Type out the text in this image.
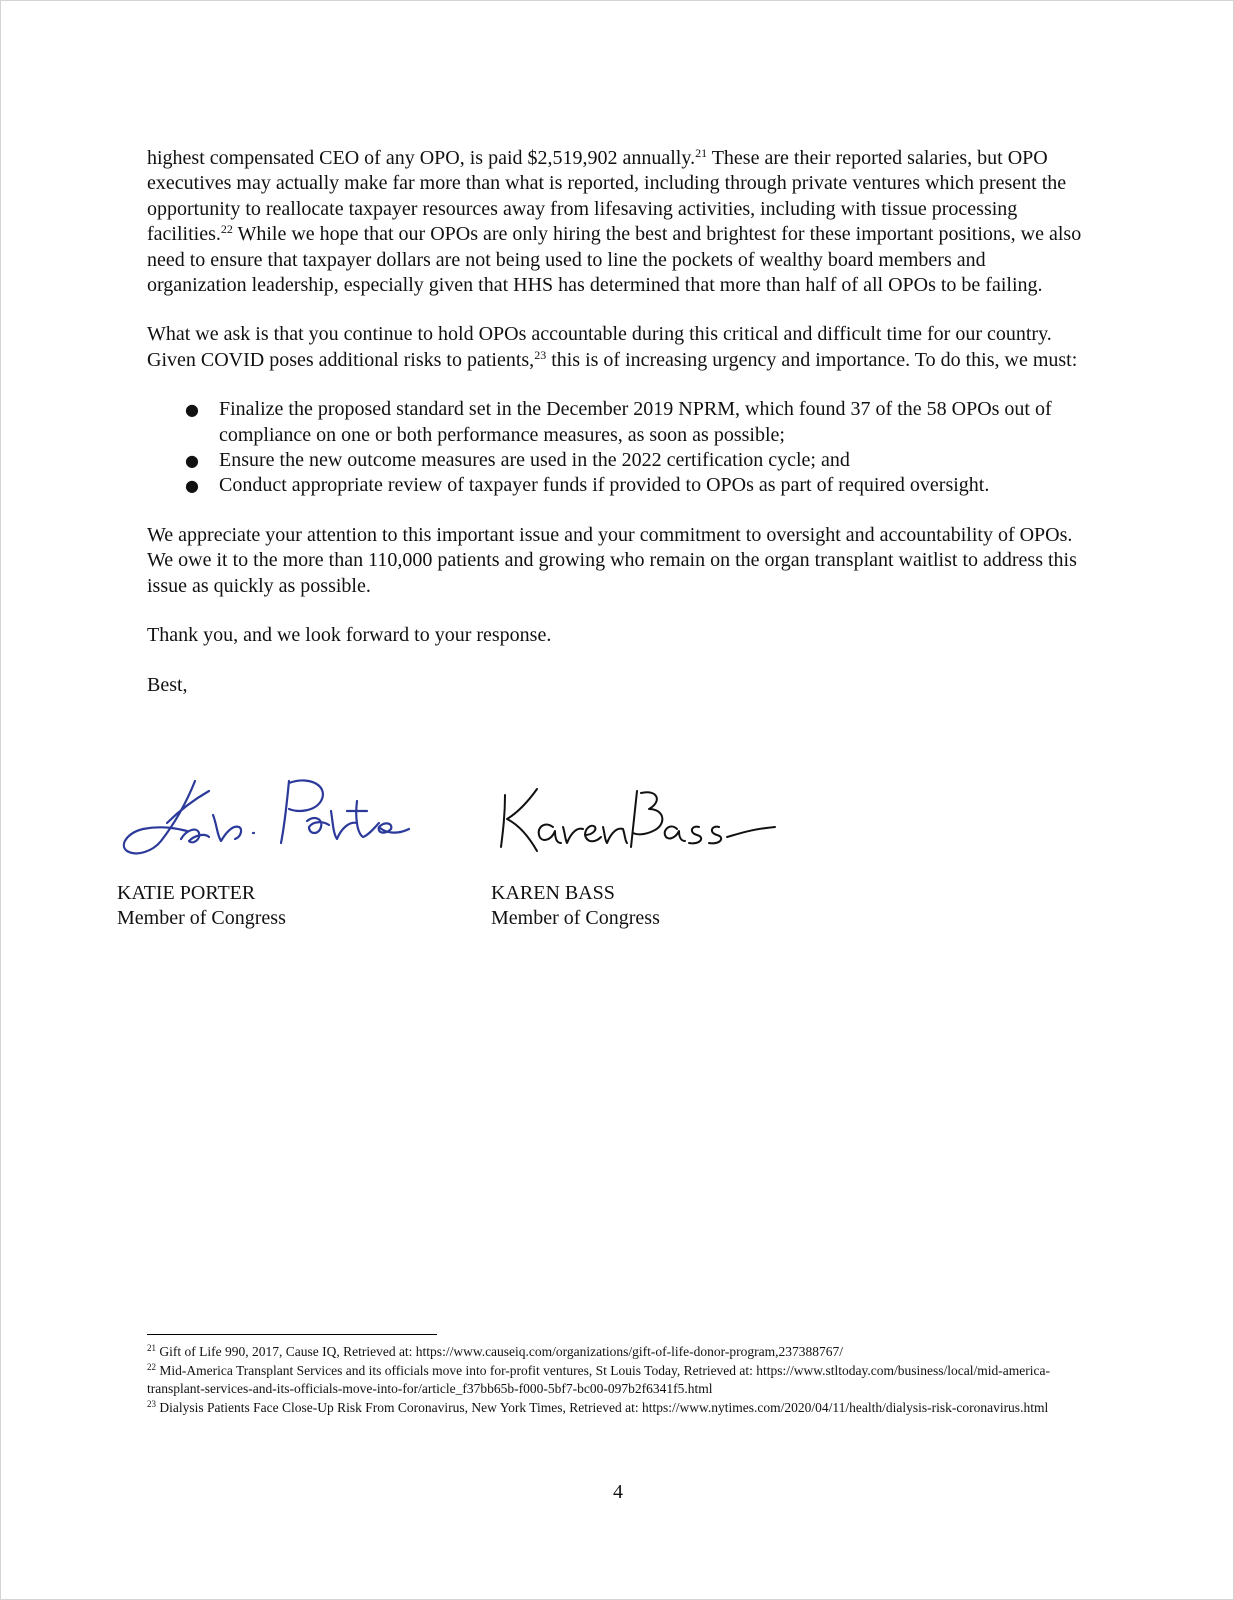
highest compensated CEO of any OPO, is paid $2,519,902 annually.$^{21}$ These are their reported salaries, but OPO executives may actually make far more than what is reported, including through private ventures which present the opportunity to reallocate taxpayer resources away from lifesaving activities, including with tissue processing facilities.$^{22}$ While we hope that our OPOs are only hiring the best and brightest for these important positions, we also need to ensure that taxpayer dollars are not being used to line the pockets of wealthy board members and organization leadership, especially given that HHS has determined that more than half of all OPOs to be failing.

What we ask is that you continue to hold OPOs accountable during this critical and difficult time for our country. Given COVID poses additional risks to patients,$^{23}$ this is of increasing urgency and importance. To do this, we must:

● Finalize the proposed standard set in the December 2019 NPRM, which found 37 of the 58 OPOs out of compliance on one or both performance measures, as soon as possible;
● Ensure the new outcome measures are used in the 2022 certification cycle; and
● Conduct appropriate review of taxpayer funds if provided to OPOs as part of required oversight.

We appreciate your attention to this important issue and your commitment to oversight and accountability of OPOs. We owe it to the more than 110,000 patients and growing who remain on the organ transplant waitlist to address this issue as quickly as possible.

Thank you, and we look forward to your response.

Best,

KATIE PORTER
Member of Congress
KAREN BASS
Member of Congress

$^{21}$ Gift of Life 990, 2017, Cause IQ, Retrieved at: https://www.causeiq.com/organizations/gift-of-life-donor-program,237388767/

$^{22}$ Mid-America Transplant Services and its officials move into for-profit ventures, St Louis Today, Retrieved at: https://www.stltoday.com/business/local/mid-america-transplant-services-and-its-officials-move-into-for/article_f37bb65b-f000-5bf7-bc00-097b2f6341f5.html

$^{23}$ Dialysis Patients Face Close-Up Risk From Coronavirus, New York Times, Retrieved at: https://www.nytimes.com/2020/04/11/health/dialysis-risk-coronavirus.html

4
